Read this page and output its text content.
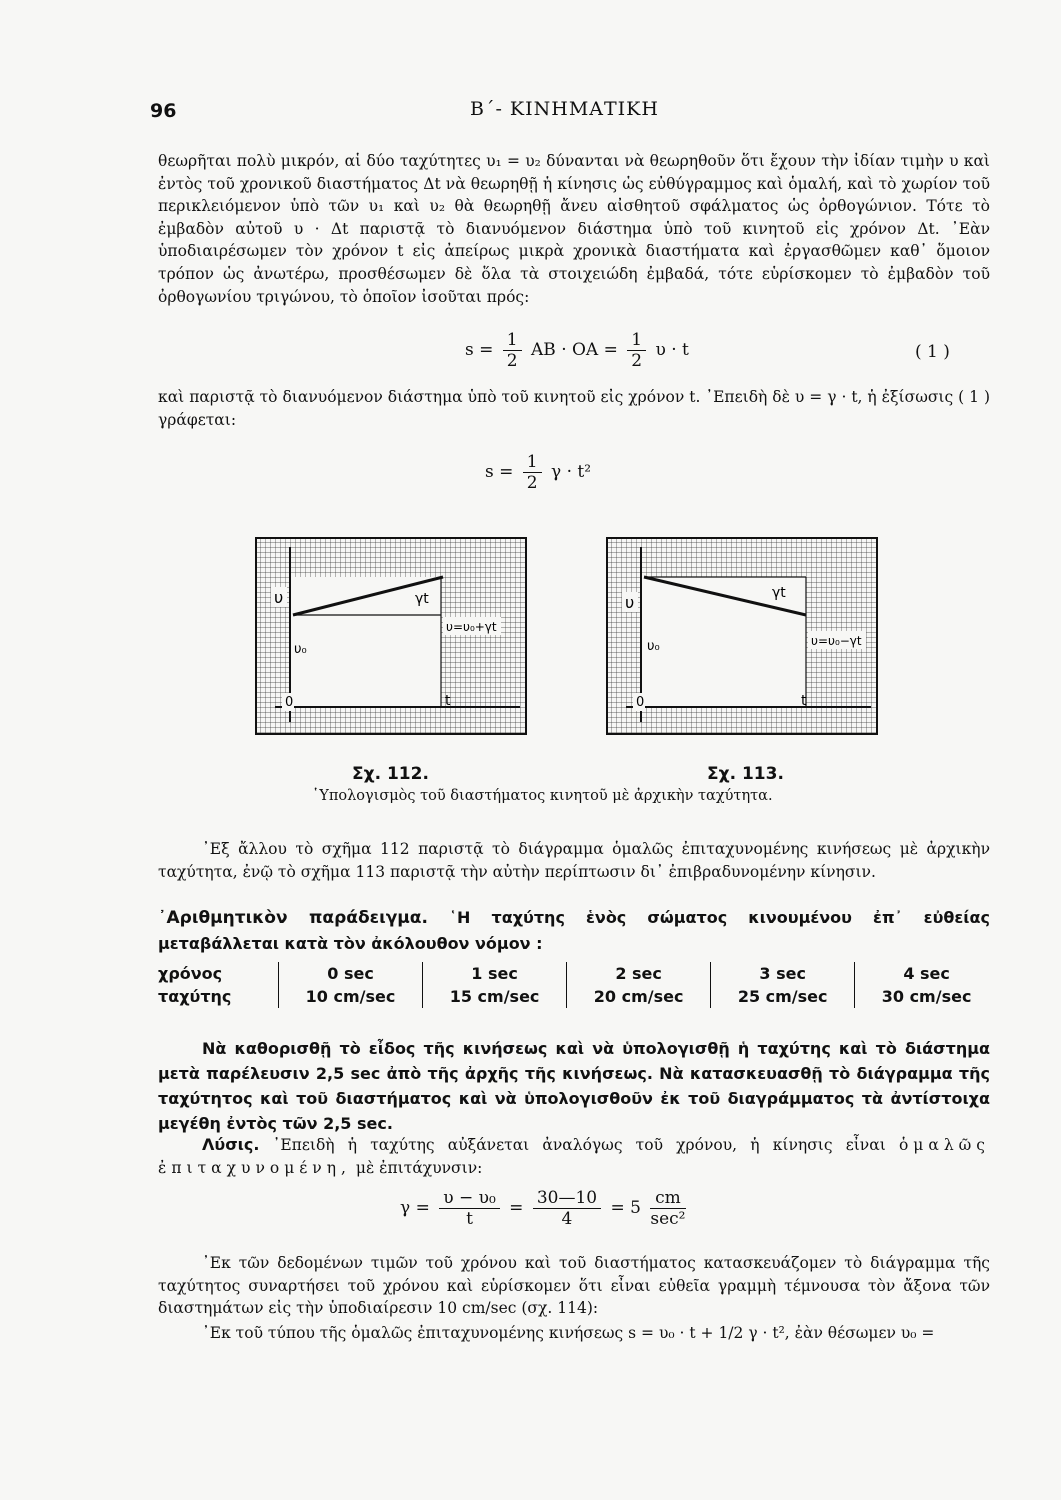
96	Β΄- ΚΙΝΗΜΑΤΙΚΗ
θεωρῆται πολὺ μικρόν, αἱ δύο ταχύτητες υ₁ = υ₂ δύνανται νὰ θεωρηθοῦν ὅτι ἔχουν τὴν ἰδίαν τιμὴν υ καὶ ἐντὸς τοῦ χρονικοῦ διαστήματος Δt νὰ θεωρηθῇ ἡ κίνησις ὡς εὐθύγραμμος καὶ ὁμαλή, καὶ τὸ χωρίον τοῦ περικλειόμενον ὑπὸ τῶν υ₁ καὶ υ₂ θὰ θεωρηθῇ ἄνευ αἰσθητοῦ σφάλματος ὡς ὀρθογώνιον. Τότε τὸ ἐμβαδὸν αὐτοῦ υ · Δt παριστᾷ τὸ διανυόμενον διάστημα ὑπὸ τοῦ κινητοῦ εἰς χρόνον Δt. ᾽Εὰν ὑποδιαιρέσωμεν τὸν χρόνον t εἰς ἀπείρως μικρὰ χρονικὰ διαστήματα καὶ ἐργασθῶμεν καθ᾽ ὅμοιον τρόπον ὡς ἀνωτέρω, προσθέσωμεν δὲ ὅλα τὰ στοιχειώδη ἐμβαδά, τότε εὑρίσκομεν τὸ ἐμβαδὸν τοῦ ὀρθογωνίου τριγώνου, τὸ ὁποῖον ἰσοῦται πρός:
$s = \frac{1}{2}$ AB · OA = $\frac{1}{2}$ υ · t	( 1 )
καὶ παριστᾷ τὸ διανυόμενον διάστημα ὑπὸ τοῦ κινητοῦ εἰς χρόνον t. ᾽Επειδὴ δὲ υ = γ · t, ἡ ἐξίσωσις ( 1 ) γράφεται:
$s = \frac{1}{2}$ γ · t²
υ
υ₀
γt
υ=υ₀+γt
0	t
υ
υ₀
γt
υ=υ₀−γt
0	t
Σχ. 112.	Σχ. 113.
῾Υπολογισμὸς τοῦ διαστήματος κινητοῦ μὲ ἀρχικὴν ταχύτητα.
᾽Εξ ἄλλου τὸ σχῆμα 112 παριστᾷ τὸ διάγραμμα ὁμαλῶς ἐπιταχυνομένης κινήσεως μὲ ἀρχικὴν ταχύτητα, ἐνῷ τὸ σχῆμα 113 παριστᾷ τὴν αὐτὴν περίπτωσιν δι᾽ ἐπιβραδυνομένην κίνησιν.
᾽Αριθμητικὸν παράδειγμα. ῾Η ταχύτης ἑνὸς σώματος κινουμένου ἐπ᾽ εὐθείας μεταβάλλεται κατὰ τὸν ἀκόλουθον νόμον :
χρόνος	0 sec	1 sec	2 sec	3 sec	4 sec
ταχύτης	10 cm/sec	15 cm/sec	20 cm/sec	25 cm/sec	30 cm/sec
Νὰ καθορισθῇ τὸ εἶδος τῆς κινήσεως καὶ νὰ ὑπολογισθῇ ἡ ταχύτης καὶ τὸ διάστημα μετὰ παρέλευσιν 2,5 sec ἀπὸ τῆς ἀρχῆς τῆς κινήσεως. Νὰ κατασκευασθῇ τὸ διάγραμμα τῆς ταχύτητος καὶ τοῦ διαστήματος καὶ νὰ ὑπολογισθοῦν ἐκ τοῦ διαγράμματος τὰ ἀντίστοιχα μεγέθη ἐντὸς τῶν 2,5 sec.
Λύσις. ᾽Επειδὴ ἡ ταχύτης αὐξάνεται ἀναλόγως τοῦ χρόνου, ἡ κίνησις εἶναι ὁμαλῶς ἐπιταχυνομένη, μὲ ἐπιτάχυνσιν:
$\gamma = \frac{\text{υ − υ₀}}{t} = \frac{30—10}{4} = 5 \frac{cm}{\text{sec²}}$
᾽Εκ τῶν δεδομένων τιμῶν τοῦ χρόνου καὶ τοῦ διαστήματος κατασκευάζομεν τὸ διάγραμμα τῆς ταχύτητος συναρτήσει τοῦ χρόνου καὶ εὑρίσκομεν ὅτι εἶναι εὐθεῖα γραμμὴ τέμνουσα τὸν ἄξονα τῶν διαστημάτων εἰς τὴν ὑποδιαίρεσιν 10 cm/sec (σχ. 114):
᾽Εκ τοῦ τύπου τῆς ὁμαλῶς ἐπιταχυνομένης κινήσεως s = υ₀ · t + 1/2 γ · t², ἐὰν θέσωμεν υ₀ =
